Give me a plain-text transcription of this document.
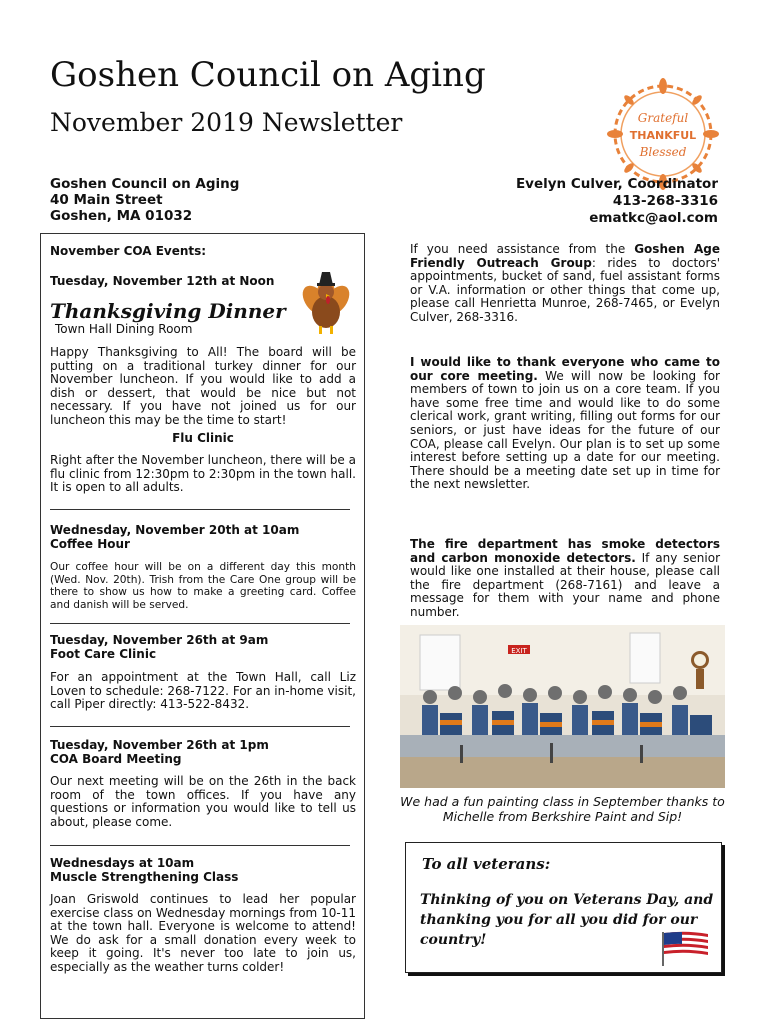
Goshen Council on Aging
November 2019 Newsletter	Grateful
THANKFUL
Blessed
Goshen Council on Aging
40 Main Street
Goshen, MA 01032
Evelyn Culver, Coordinator
413-268-3316
ematkc@aol.com
November COA Events:
Tuesday, November 12th at Noon
Thanksgiving Dinner
Town Hall Dining Room
Happy Thanksgiving to All! The board will be putting on a traditional turkey dinner for our November luncheon. If you would like to add a dish or dessert, that would be nice but not necessary. If you have not joined us for our luncheon this may be the time to start!
Flu Clinic
Right after the November luncheon, there will be a flu clinic from 12:30pm to 2:30pm in the town hall. It is open to all adults.
Wednesday, November 20th at 10am
Coffee Hour
Our coffee hour will be on a different day this month (Wed. Nov. 20th). Trish from the Care One group will be there to show us how to make a greeting card. Coffee and danish will be served.
Tuesday, November 26th at 9am
Foot Care Clinic
For an appointment at the Town Hall, call Liz Loven to schedule: 268-7122. For an in-home visit, call Piper directly: 413-522-8432.
Tuesday, November 26th at 1pm
COA Board Meeting
Our next meeting will be on the 26th in the back room of the town offices. If you have any questions or information you would like to tell us about, please come.
Wednesdays at 10am
Muscle Strengthening Class
Joan Griswold continues to lead her popular exercise class on Wednesday mornings from 10-11 at the town hall. Everyone is welcome to attend! We do ask for a small donation every week to keep it going. It's never too late to join us, especially as the weather turns colder!
If you need assistance from the Goshen Age Friendly Outreach Group: rides to doctors' appointments, bucket of sand, fuel assistant forms or V.A. information or other things that come up, please call Henrietta Munroe, 268-7465, or Evelyn Culver, 268-3316.
I would like to thank everyone who came to our core meeting. We will now be looking for members of town to join us on a core team. If you have some free time and would like to do some clerical work, grant writing, filling out forms for our seniors, or just have ideas for the future of our COA, please call Evelyn. Our plan is to set up some interest before setting up a date for our meeting. There should be a meeting date set up in time for the next newsletter.
The fire department has smoke detectors and carbon monoxide detectors. If any senior would like one installed at their house, please call the fire department (268-7161) and leave a message for them with your name and phone number.
EXIT
We had a fun painting class in September thanks to Michelle from Berkshire Paint and Sip!
To all veterans:
Thinking of you on Veterans Day, and thanking you for all you did for our country!
